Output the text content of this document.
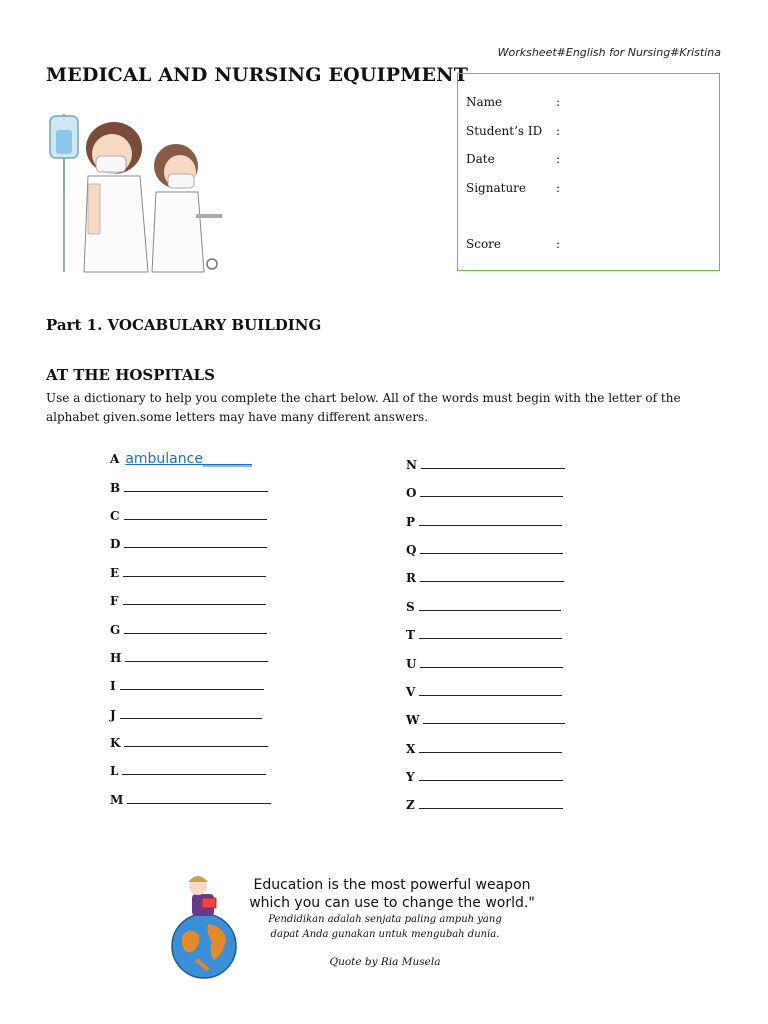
Worksheet#English for Nursing#Kristina
MEDICAL AND NURSING EQUIPMENT
Name	:
Student’s ID	:
Date	:
Signature	:
Score	:
Part 1. VOCABULARY BUILDING
AT THE HOSPITALS
Use a dictionary to help you complete the chart below. All of the words must begin with the letter of the alphabet given.some letters may have many different answers.
A ambulance_______
B
C
D
E
F
G
H
I
J
K
L
M
N
O
P
Q
R
S
T
U
V
W
X
Y
Z
Education is the most powerful weapon
which you can use to change the world."
Pendidikan adalah senjata paling ampuh yang
dapat Anda gunakan untuk mengubah dunia.
Quote by Ria Musela
